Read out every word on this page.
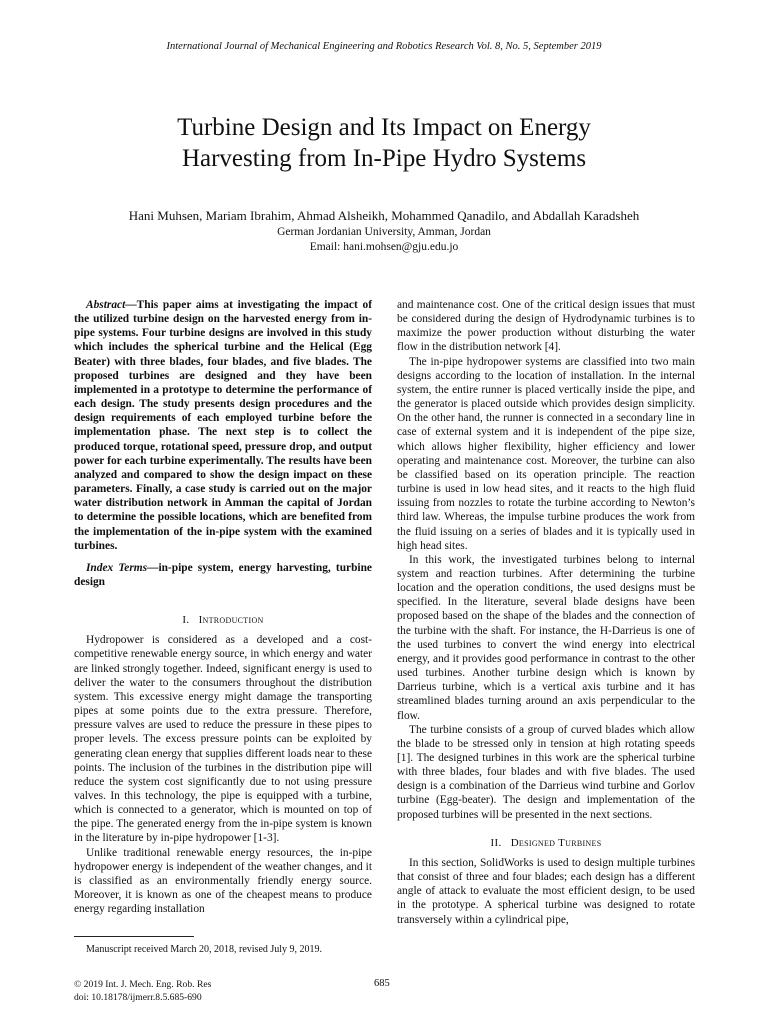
International Journal of Mechanical Engineering and Robotics Research Vol. 8, No. 5, September 2019
Turbine Design and Its Impact on Energy
Harvesting from In-Pipe Hydro Systems
Hani Muhsen, Mariam Ibrahim, Ahmad Alsheikh, Mohammed Qanadilo, and Abdallah Karadsheh
German Jordanian University, Amman, Jordan
Email: hani.mohsen@gju.edu.jo

Abstract—This paper aims at investigating the impact of the utilized turbine design on the harvested energy from in-pipe systems. Four turbine designs are involved in this study which includes the spherical turbine and the Helical (Egg Beater) with three blades, four blades, and five blades. The proposed turbines are designed and they have been implemented in a prototype to determine the performance of each design. The study presents design procedures and the design requirements of each employed turbine before the implementation phase. The next step is to collect the produced torque, rotational speed, pressure drop, and output power for each turbine experimentally. The results have been analyzed and compared to show the design impact on these parameters. Finally, a case study is carried out on the major water distribution network in Amman the capital of Jordan to determine the possible locations, which are benefited from the implementation of the in-pipe system with the examined turbines.

Index Terms—in-pipe system, energy harvesting, turbine design

I. Introduction

Hydropower is considered as a developed and a cost-competitive renewable energy source, in which energy and water are linked strongly together. Indeed, significant energy is used to deliver the water to the consumers throughout the distribution system. This excessive energy might damage the transporting pipes at some points due to the extra pressure. Therefore, pressure valves are used to reduce the pressure in these pipes to proper levels. The excess pressure points can be exploited by generating clean energy that supplies different loads near to these points. The inclusion of the turbines in the distribution pipe will reduce the system cost significantly due to not using pressure valves. In this technology, the pipe is equipped with a turbine, which is connected to a generator, which is mounted on top of the pipe. The generated energy from the in-pipe system is known in the literature by in-pipe hydropower [1-3].

Unlike traditional renewable energy resources, the in-pipe hydropower energy is independent of the weather changes, and it is classified as an environmentally friendly energy source. Moreover, it is known as one of the cheapest means to produce energy regarding installation

and maintenance cost. One of the critical design issues that must be considered during the design of Hydrodynamic turbines is to maximize the power production without disturbing the water flow in the distribution network [4].

The in-pipe hydropower systems are classified into two main designs according to the location of installation. In the internal system, the entire runner is placed vertically inside the pipe, and the generator is placed outside which provides design simplicity. On the other hand, the runner is connected in a secondary line in case of external system and it is independent of the pipe size, which allows higher flexibility, higher efficiency and lower operating and maintenance cost. Moreover, the turbine can also be classified based on its operation principle. The reaction turbine is used in low head sites, and it reacts to the high fluid issuing from nozzles to rotate the turbine according to Newton’s third law. Whereas, the impulse turbine produces the work from the fluid issuing on a series of blades and it is typically used in high head sites.

In this work, the investigated turbines belong to internal system and reaction turbines. After determining the turbine location and the operation conditions, the used designs must be specified. In the literature, several blade designs have been proposed based on the shape of the blades and the connection of the turbine with the shaft. For instance, the H-Darrieus is one of the used turbines to convert the wind energy into electrical energy, and it provides good performance in contrast to the other used turbines. Another turbine design which is known by Darrieus turbine, which is a vertical axis turbine and it has streamlined blades turning around an axis perpendicular to the flow.

The turbine consists of a group of curved blades which allow the blade to be stressed only in tension at high rotating speeds [1]. The designed turbines in this work are the spherical turbine with three blades, four blades and with five blades. The used design is a combination of the Darrieus wind turbine and Gorlov turbine (Egg-beater). The design and implementation of the proposed turbines will be presented in the next sections.

II. Designed Turbines

In this section, SolidWorks is used to design multiple turbines that consist of three and four blades; each design has a different angle of attack to evaluate the most efficient design, to be used in the prototype. A spherical turbine was designed to rotate transversely within a cylindrical pipe,

Manuscript received March 20, 2018, revised July 9, 2019.
© 2019 Int. J. Mech. Eng. Rob. Res
doi: 10.18178/ijmerr.8.5.685-690
685
